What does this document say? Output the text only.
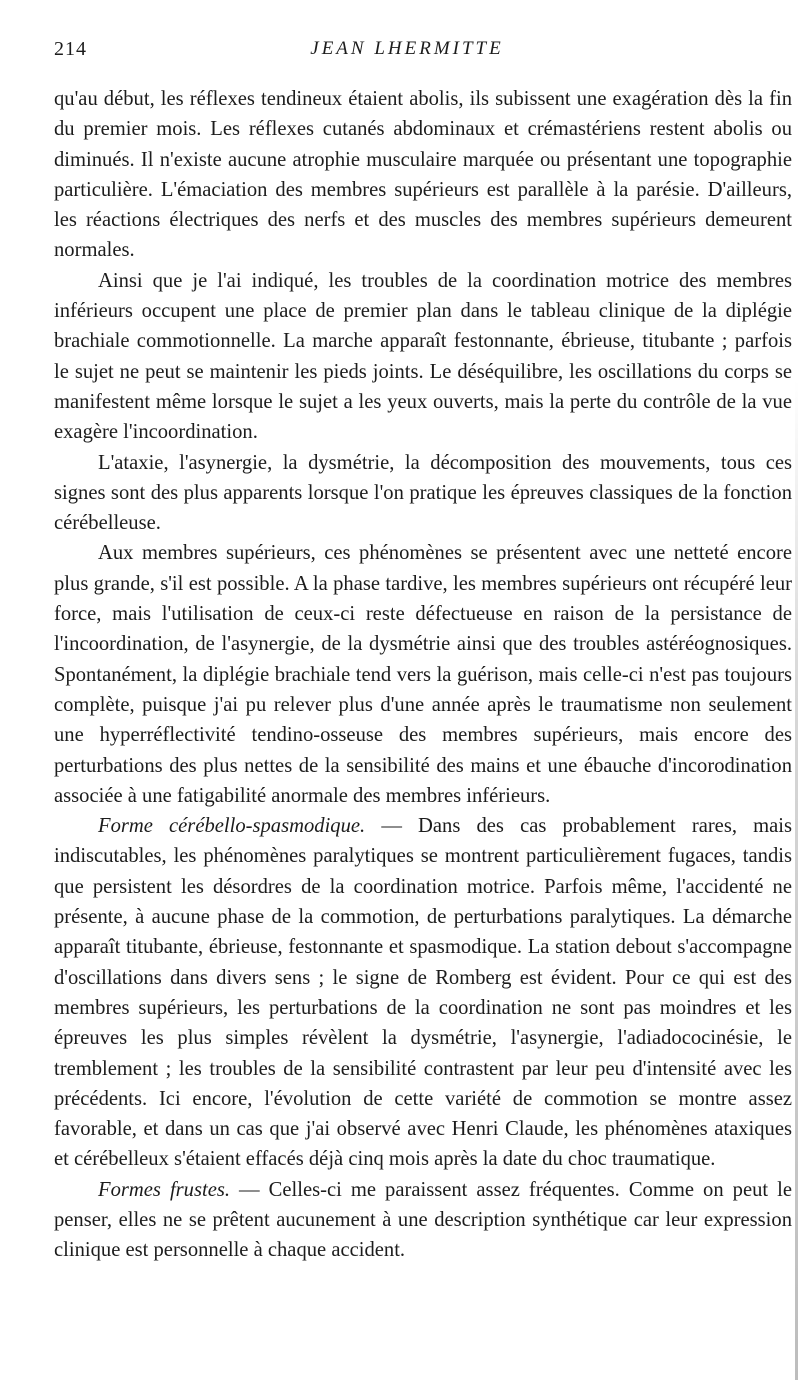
214	JEAN LHERMITTE

qu'au début, les réflexes tendineux étaient abolis, ils subissent une exagération dès la fin du premier mois. Les réflexes cutanés abdominaux et crémastériens restent abolis ou diminués. Il n'existe aucune atrophie musculaire marquée ou présentant une topographie particulière. L'émaciation des membres supérieurs est parallèle à la parésie. D'ailleurs, les réactions électriques des nerfs et des muscles des membres supérieurs demeurent normales.

Ainsi que je l'ai indiqué, les troubles de la coordination motrice des membres inférieurs occupent une place de premier plan dans le tableau clinique de la diplégie brachiale commotionnelle. La marche apparaît festonnante, ébrieuse, titubante ; parfois le sujet ne peut se maintenir les pieds joints. Le déséquilibre, les oscillations du corps se manifestent même lorsque le sujet a les yeux ouverts, mais la perte du contrôle de la vue exagère l'incoordination.

L'ataxie, l'asynergie, la dysmétrie, la décomposition des mouvements, tous ces signes sont des plus apparents lorsque l'on pratique les épreuves classiques de la fonction cérébelleuse.

Aux membres supérieurs, ces phénomènes se présentent avec une netteté encore plus grande, s'il est possible. A la phase tardive, les membres supérieurs ont récupéré leur force, mais l'utilisation de ceux-ci reste défectueuse en raison de la persistance de l'incoordination, de l'asynergie, de la dysmétrie ainsi que des troubles astéréognosiques. Spontanément, la diplégie brachiale tend vers la guérison, mais celle-ci n'est pas toujours complète, puisque j'ai pu relever plus d'une année après le traumatisme non seulement une hyperréflectivité tendino-osseuse des membres supérieurs, mais encore des perturbations des plus nettes de la sensibilité des mains et une ébauche d'incorodination associée à une fatigabilité anormale des membres inférieurs.

Forme cérébello-spasmodique. — Dans des cas probablement rares, mais indiscutables, les phénomènes paralytiques se montrent particulièrement fugaces, tandis que persistent les désordres de la coordination motrice. Parfois même, l'accidenté ne présente, à aucune phase de la commotion, de perturbations paralytiques. La démarche apparaît titubante, ébrieuse, festonnante et spasmodique. La station debout s'accompagne d'oscillations dans divers sens ; le signe de Romberg est évident. Pour ce qui est des membres supérieurs, les perturbations de la coordination ne sont pas moindres et les épreuves les plus simples révèlent la dysmétrie, l'asynergie, l'adiadococinésie, le tremblement ; les troubles de la sensibilité contrastent par leur peu d'intensité avec les précédents. Ici encore, l'évolution de cette variété de commotion se montre assez favorable, et dans un cas que j'ai observé avec Henri Claude, les phénomènes ataxiques et cérébelleux s'étaient effacés déjà cinq mois après la date du choc traumatique.

Formes frustes. — Celles-ci me paraissent assez fréquentes. Comme on peut le penser, elles ne se prêtent aucunement à une description synthétique car leur expression clinique est personnelle à chaque accident.
